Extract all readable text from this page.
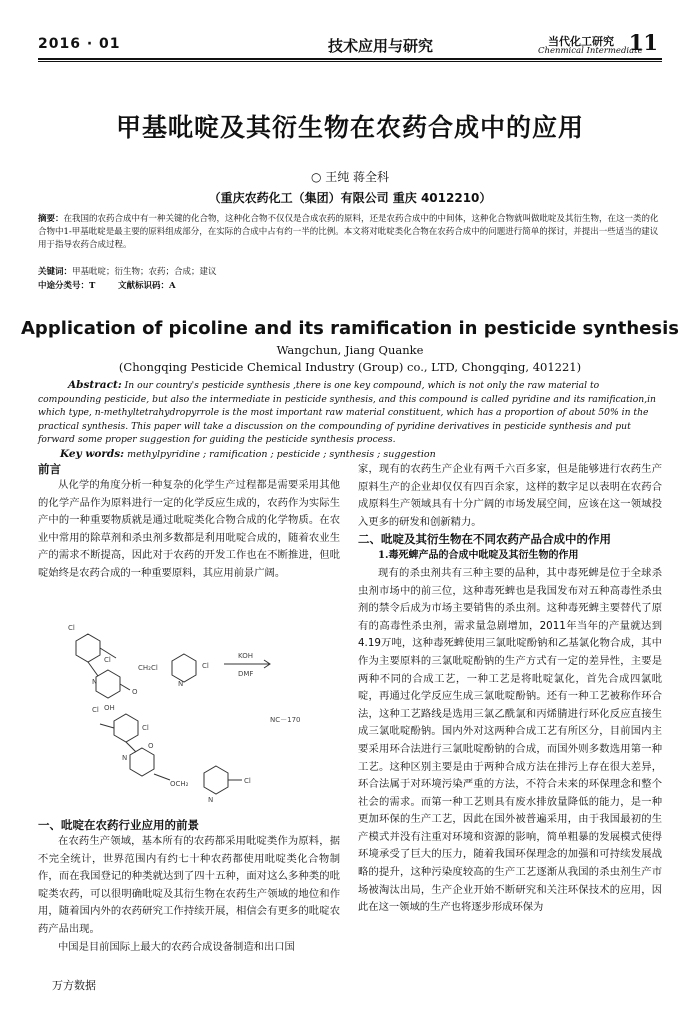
2016 · 01	技术应用与研究	当代化工研究
Chenmical Intermediate
11
甲基吡啶及其衍生物在农药合成中的应用
○ 王纯 蒋全科
（重庆农药化工（集团）有限公司 重庆 4012210）
摘要：在我国的农药合成中有一种关键的化合物，这种化合物不仅仅是合成农药的原料，还是农药合成中的中间体，这种化合物就叫做吡啶及其衍生物，在这一类的化合物中1-甲基吡啶是最主要的原料组成部分，在实际的合成中占有约一半的比例。本文将对吡啶类化合物在农药合成中的问题进行简单的探讨，并提出一些适当的建议用于指导农药合成过程。
关键词：甲基吡啶；衍生物；农药；合成；建议
中途分类号：T	文献标识码：A
Application of picoline and its ramification in pesticide synthesis
Wangchun, Jiang Quanke
(Chongqing Pesticide Chemical Industry (Group) co., LTD, Chongqing, 401221)
Abstract: In our country's pesticide synthesis ,there is one key compound, which is not only the raw material to compounding pesticide, but also the intermediate in pesticide synthesis, and this compound is called pyridine and its ramification,in which type, n-methyltetrahydropyrrole is the most important raw material constituent, which has a proportion of about 50% in the practical synthesis. This paper will take a discussion on the compounding of pyridine derivatives in pesticide synthesis and put forward some proper suggestion for guiding the pesticide synthesis process.
Key words: methylpyridine ; ramification ; pesticide ; synthesis ; suggestion
前言

从化学的角度分析一种复杂的化学生产过程都是需要采用其他的化学产品作为原料进行一定的化学反应生成的，农药作为实际生产中的一种重要物质就是通过吡啶类化合物合成的化学物质。在农业中常用的除草剂和杀虫剂多数都是利用吡啶合成的，随着农业生产的需求不断提高，因此对于农药的开发工作也在不断推进，但吡啶始终是农药合成的一种重要原料，其应用前景广阔。

Cl
Cl
N
O
OH
CH₂Cl	Cl
N
KOH
DMF
Cl
Cl
N
O
OCH₂
N
Cl
NC－170
一、吡啶在农药行业应用的前景

在农药生产领域，基本所有的农药都采用吡啶类作为原料，据不完全统计，世界范围内有约七十种农药都使用吡啶类化合物制作，而在我国登记的种类就达到了四十五种，面对这么多种类的吡啶类农药，可以很明确吡啶及其衍生物在农药生产领域的地位和作用，随着国内外的农药研究工作持续开展，相信会有更多的吡啶农药产品出现。

中国是目前国际上最大的农药合成设备制造和出口国

家，现有的农药生产企业有两千六百多家，但是能够进行农药生产原料生产的企业却仅仅有四百余家，这样的数字足以表明在农药合成原料生产领域具有十分广阔的市场发展空间，应该在这一领域投入更多的研发和创新精力。

二、吡啶及其衍生物在不同农药产品合成中的作用
1.毒死蜱产品的合成中吡啶及其衍生物的作用

现有的杀虫剂共有三种主要的品种，其中毒死蜱是位于全球杀虫剂市场中的前三位，这种毒死蜱也是我国发布对五种高毒性杀虫剂的禁令后成为市场主要销售的杀虫剂。这种毒死蜱主要替代了原有的高毒性杀虫剂，需求量急剧增加，2011年当年的产量就达到4.19万吨，这种毒死蜱使用三氯吡啶酚钠和乙基氯化物合成，其中作为主要原料的三氯吡啶酚钠的生产方式有一定的差异性，主要是两种不同的合成工艺，一种工艺是将吡啶氯化，首先合成四氯吡啶，再通过化学反应生成三氯吡啶酚钠。还有一种工艺被称作环合法，这种工艺路线是选用三氯乙酰氯和丙烯腈进行环化反应直接生成三氯吡啶酚钠。国内外对这两种合成工艺有所区分，目前国内主要采用环合法进行三氯吡啶酚钠的合成，而国外则多数选用第一种工艺。这种区别主要是由于两种合成方法在排污上存在很大差异，环合法属于对环境污染严重的方法，不符合未来的环保理念和整个社会的需求。而第一种工艺则具有废水排放量降低的能力，是一种更加环保的生产工艺，因此在国外被普遍采用，由于我国最初的生产模式并没有注重对环境和资源的影响，简单粗暴的发展模式使得环境承受了巨大的压力，随着我国环保理念的加强和可持续发展战略的提升，这种污染度较高的生产工艺逐渐从我国的杀虫剂生产市场被淘汰出局，生产企业开始不断研究和关注环保技术的应用，因此在这一领域的生产也将逐步形成环保为

万方数据
